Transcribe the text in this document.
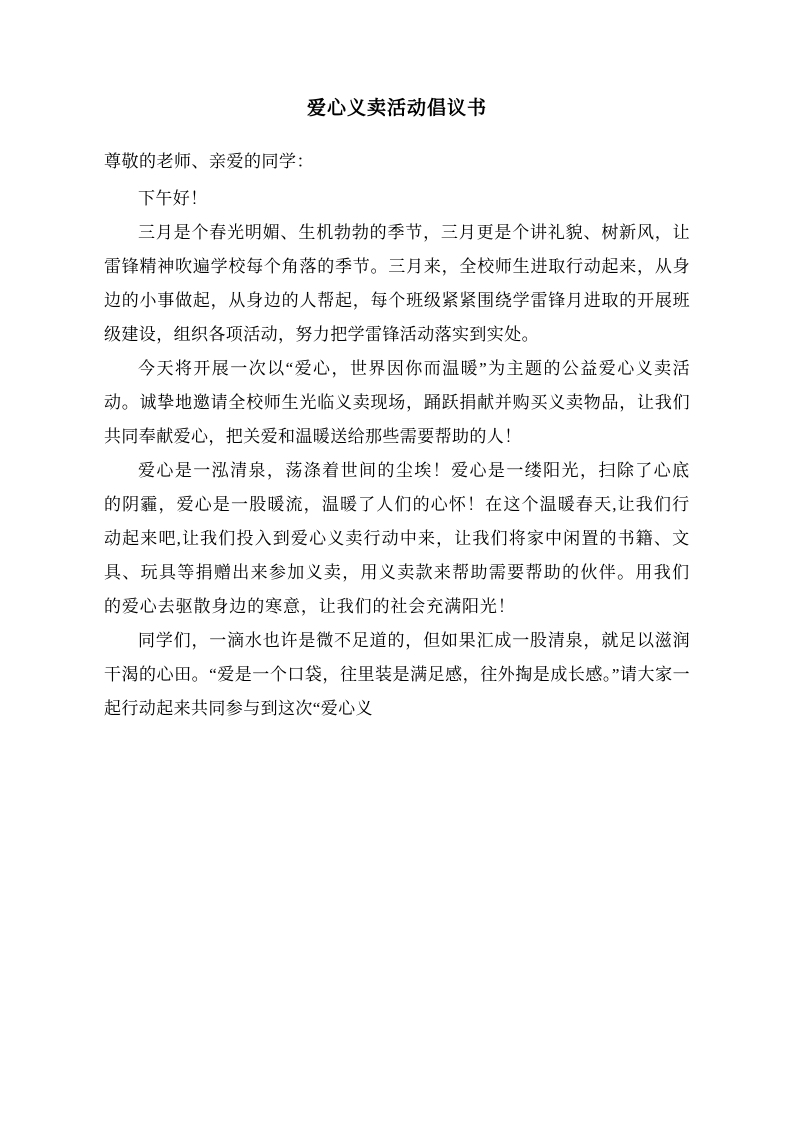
爱心义卖活动倡议书

尊敬的老师、亲爱的同学：

下午好！

三月是个春光明媚、生机勃勃的季节，三月更是个讲礼貌、树新风，让雷锋精神吹遍学校每个角落的季节。三月来，全校师生进取行动起来，从身边的小事做起，从身边的人帮起，每个班级紧紧围绕学雷锋月进取的开展班级建设，组织各项活动，努力把学雷锋活动落实到实处。

今天将开展一次以“爱心，世界因你而温暖”为主题的公益爱心义卖活动。诚挚地邀请全校师生光临义卖现场，踊跃捐献并购买义卖物品，让我们共同奉献爱心，把关爱和温暖送给那些需要帮助的人！

爱心是一泓清泉，荡涤着世间的尘埃！爱心是一缕阳光，扫除了心底的阴霾，爱心是一股暖流，温暖了人们的心怀！在这个温暖春天,让我们行动起来吧,让我们投入到爱心义卖行动中来，让我们将家中闲置的书籍、文具、玩具等捐赠出来参加义卖，用义卖款来帮助需要帮助的伙伴。用我们的爱心去驱散身边的寒意，让我们的社会充满阳光！

同学们，一滴水也许是微不足道的，但如果汇成一股清泉，就足以滋润干渴的心田。“爱是一个口袋，往里装是满足感，往外掏是成长感。”请大家一起行动起来共同参与到这次“爱心义
